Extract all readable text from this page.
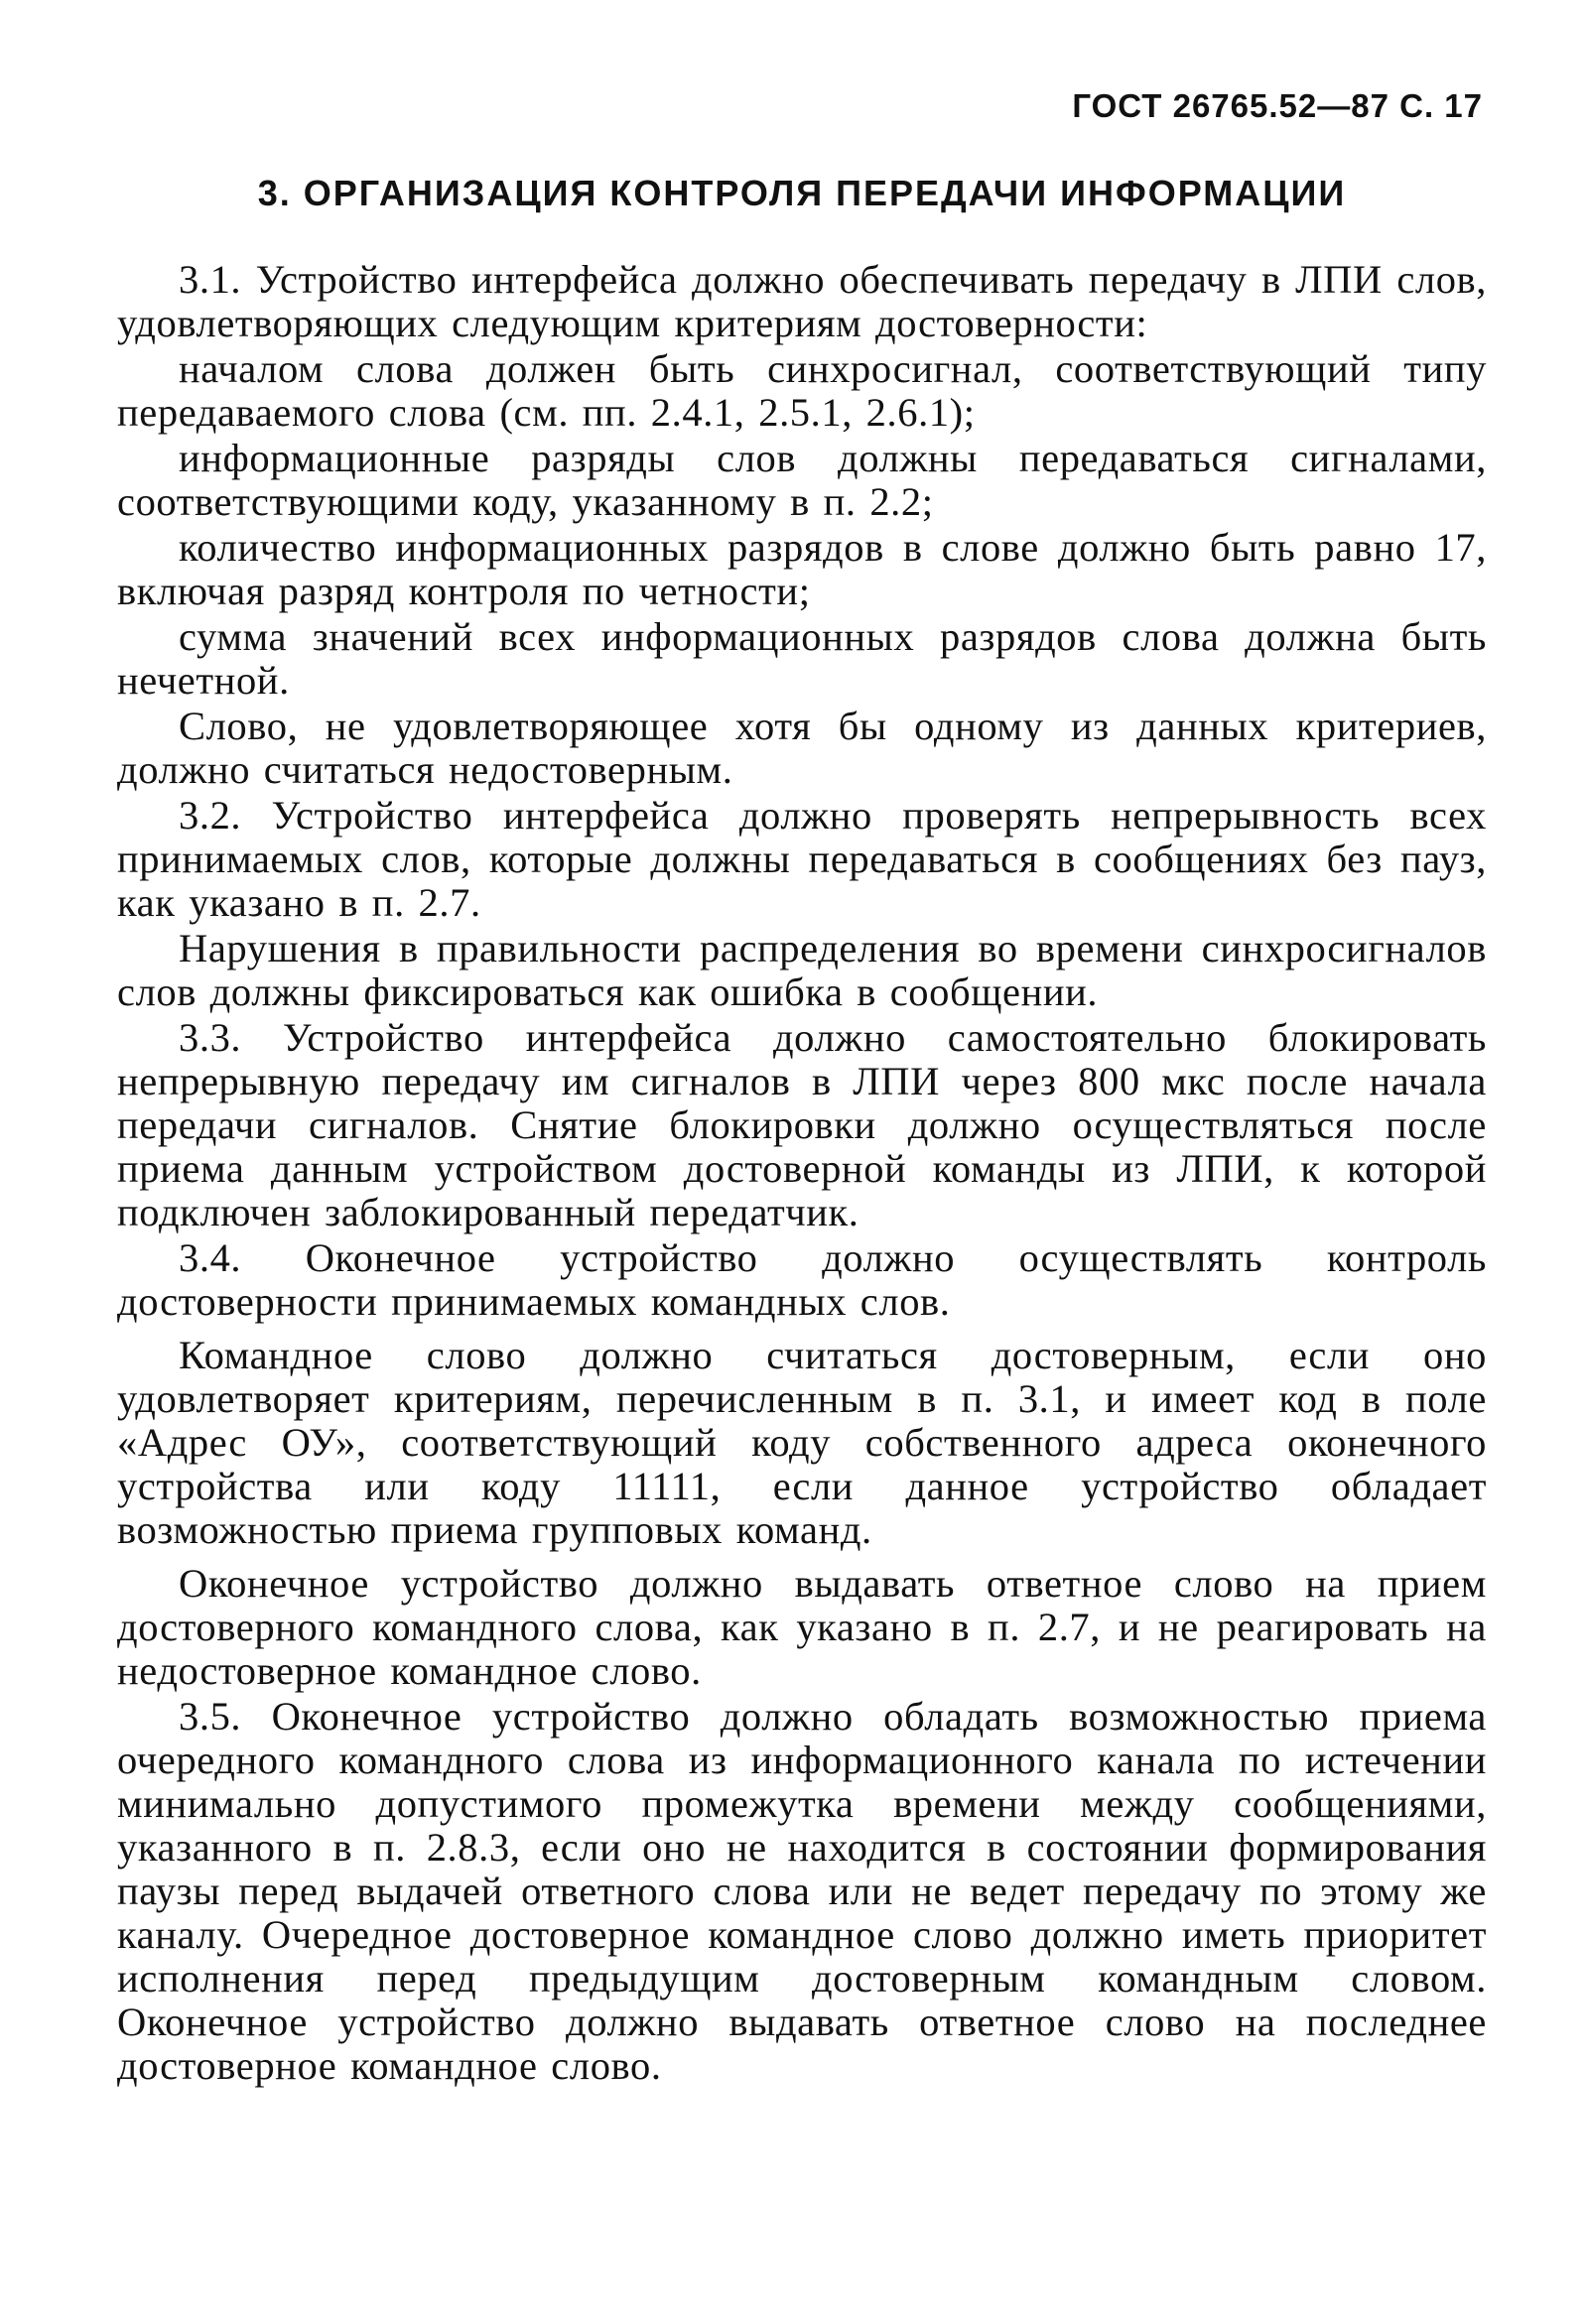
ГОСТ 26765.52—87 С. 17
3. ОРГАНИЗАЦИЯ КОНТРОЛЯ ПЕРЕДАЧИ ИНФОРМАЦИИ

3.1. Устройство интерфейса должно обеспечивать передачу в ЛПИ слов, удовлетворяющих следующим критериям достоверности:

началом слова должен быть синхросигнал, соответствующий типу передаваемого слова (см. пп. 2.4.1, 2.5.1, 2.6.1);

информационные разряды слов должны передаваться сигналами, соответствующими коду, указанному в п. 2.2;

количество информационных разрядов в слове должно быть равно 17, включая разряд контроля по четности;

сумма значений всех информационных разрядов слова должна быть нечетной.

Слово, не удовлетворяющее хотя бы одному из данных критериев, должно считаться недостоверным.

3.2. Устройство интерфейса должно проверять непрерывность всех принимаемых слов, которые должны передаваться в сообщениях без пауз, как указано в п. 2.7.

Нарушения в правильности распределения во времени синхросигналов слов должны фиксироваться как ошибка в сообщении.

3.3. Устройство интерфейса должно самостоятельно блокировать непрерывную передачу им сигналов в ЛПИ через 800 мкс после начала передачи сигналов. Снятие блокировки должно осуществляться после приема данным устройством достоверной команды из ЛПИ, к которой подключен заблокированный передатчик.

3.4. Оконечное устройство должно осуществлять контроль достоверности принимаемых командных слов.

Командное слово должно считаться достоверным, если оно удовлетворяет критериям, перечисленным в п. 3.1, и имеет код в поле «Адрес ОУ», соответствующий коду собственного адреса оконечного устройства или коду 11111, если данное устройство обладает возможностью приема групповых команд.

Оконечное устройство должно выдавать ответное слово на прием достоверного командного слова, как указано в п. 2.7, и не реагировать на недостоверное командное слово.

3.5. Оконечное устройство должно обладать возможностью приема очередного командного слова из информационного канала по истечении минимально допустимого промежутка времени между сообщениями, указанного в п. 2.8.3, если оно не находится в состоянии формирования паузы перед выдачей ответного слова или не ведет передачу по этому же каналу. Очередное достоверное командное слово должно иметь приоритет исполнения перед предыдущим достоверным командным словом. Оконечное устройство должно выдавать ответное слово на последнее достоверное командное слово.
